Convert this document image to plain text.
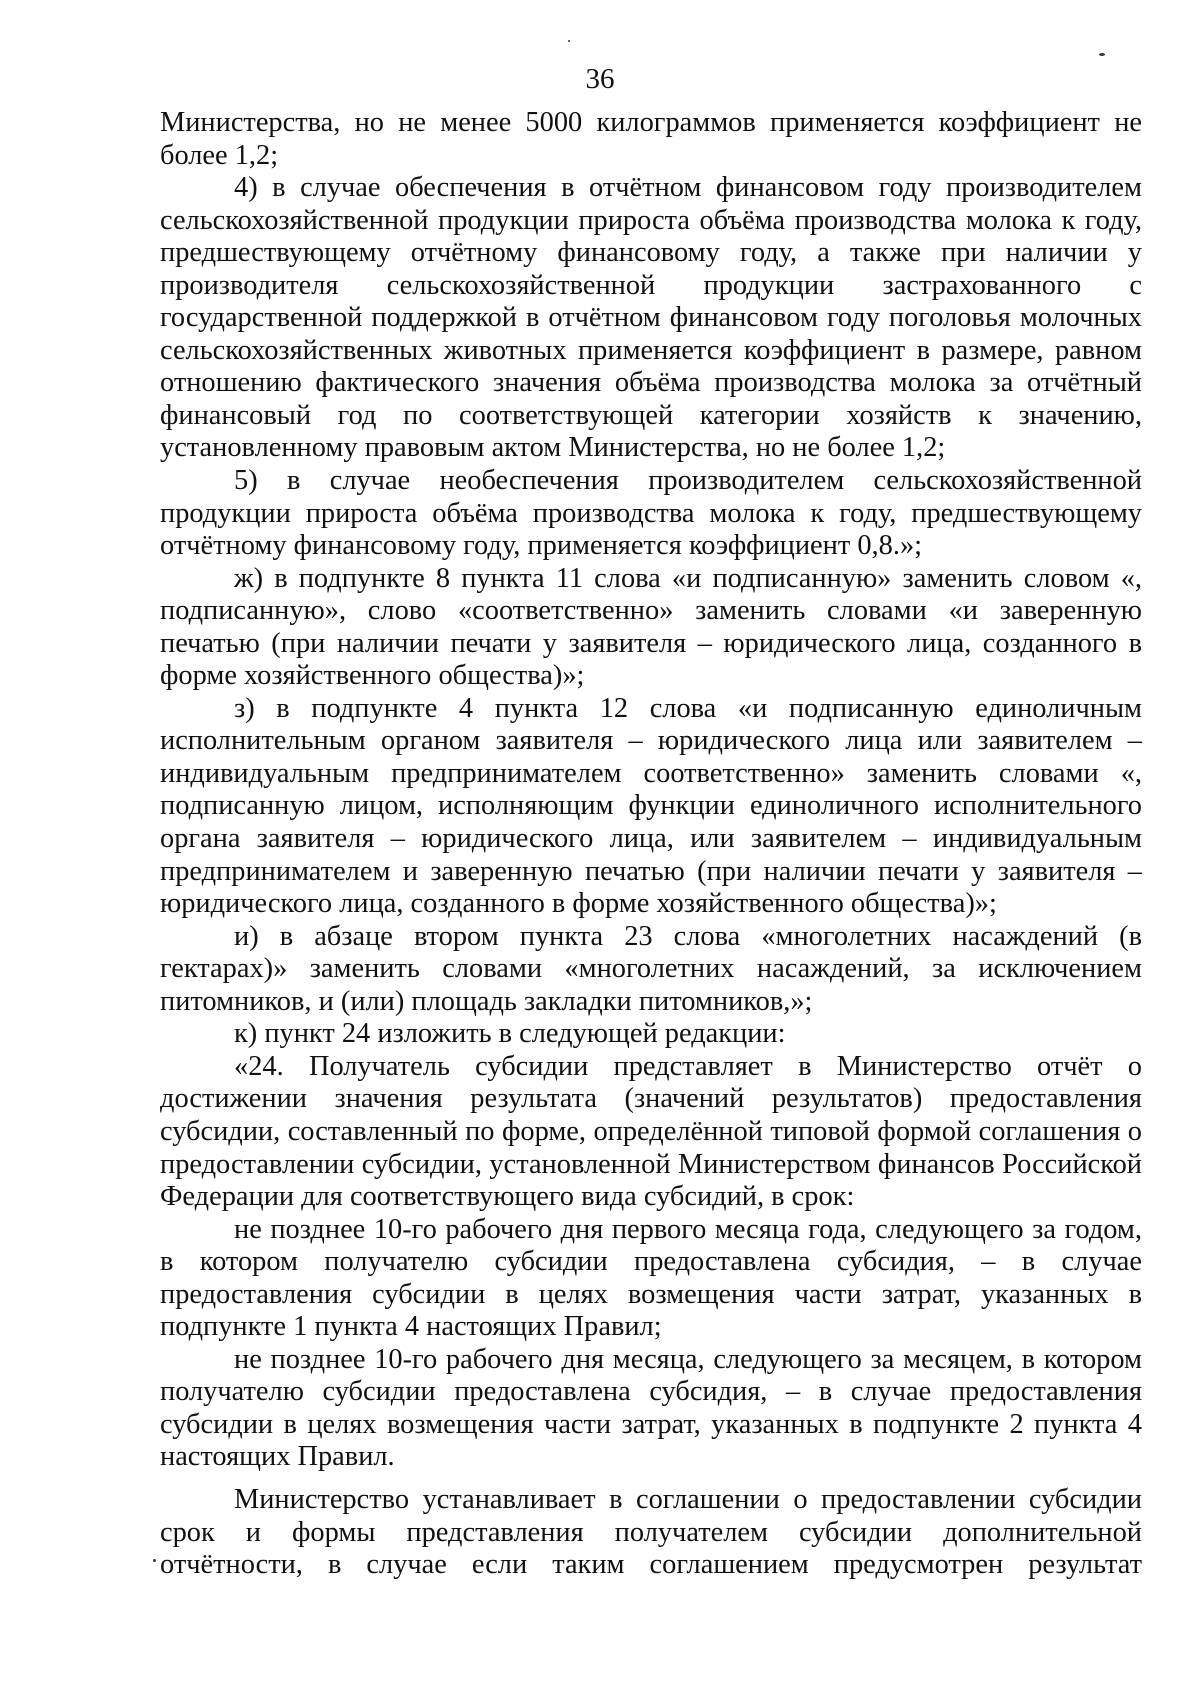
36

Министерства, но не менее 5000 килограммов применяется коэффициент не более 1,2;

4) в случае обеспечения в отчётном финансовом году производителем сельскохозяйственной продукции прироста объёма производства молока к году, предшествующему отчётному финансовому году, а также при наличии у производителя сельскохозяйственной продукции застрахованного с государственной поддержкой в отчётном финансовом году поголовья молочных сельскохозяйственных животных применяется коэффициент в размере, равном отношению фактического значения объёма производства молока за отчётный финансовый год по соответствующей категории хозяйств к значению, установленному правовым актом Министерства, но не более 1,2;

5) в случае необеспечения производителем сельскохозяйственной продукции прироста объёма производства молока к году, предшествующему отчётному финансовому году, применяется коэффициент 0,8.»;

ж) в подпункте 8 пункта 11 слова «и подписанную» заменить словом «, подписанную», слово «соответственно» заменить словами «и заверенную печатью (при наличии печати у заявителя – юридического лица, созданного в форме хозяйственного общества)»;

з) в подпункте 4 пункта 12 слова «и подписанную единоличным исполнительным органом заявителя – юридического лица или заявителем – индивидуальным предпринимателем соответственно» заменить словами «, подписанную лицом, исполняющим функции единоличного исполнительного органа заявителя – юридического лица, или заявителем – индивидуальным предпринимателем и заверенную печатью (при наличии печати у заявителя – юридического лица, созданного в форме хозяйственного общества)»;

и) в абзаце втором пункта 23 слова «многолетних насаждений (в гектарах)» заменить словами «многолетних насаждений, за исключением питомников, и (или) площадь закладки питомников,»;

к) пункт 24 изложить в следующей редакции:

«24. Получатель субсидии представляет в Министерство отчёт о достижении значения результата (значений результатов) предоставления субсидии, составленный по форме, определённой типовой формой соглашения о предоставлении субсидии, установленной Министерством финансов Российской Федерации для соответствующего вида субсидий, в срок:

не позднее 10-го рабочего дня первого месяца года, следующего за годом, в котором получателю субсидии предоставлена субсидия, – в случае предоставления субсидии в целях возмещения части затрат, указанных в подпункте 1 пункта 4 настоящих Правил;

не позднее 10-го рабочего дня месяца, следующего за месяцем, в котором получателю субсидии предоставлена субсидия, – в случае предоставления субсидии в целях возмещения части затрат, указанных в подпункте 2 пункта 4 настоящих Правил.

Министерство устанавливает в соглашении о предоставлении субсидии срок и формы представления получателем субсидии дополнительной отчётности, в случае если таким соглашением предусмотрен результат
